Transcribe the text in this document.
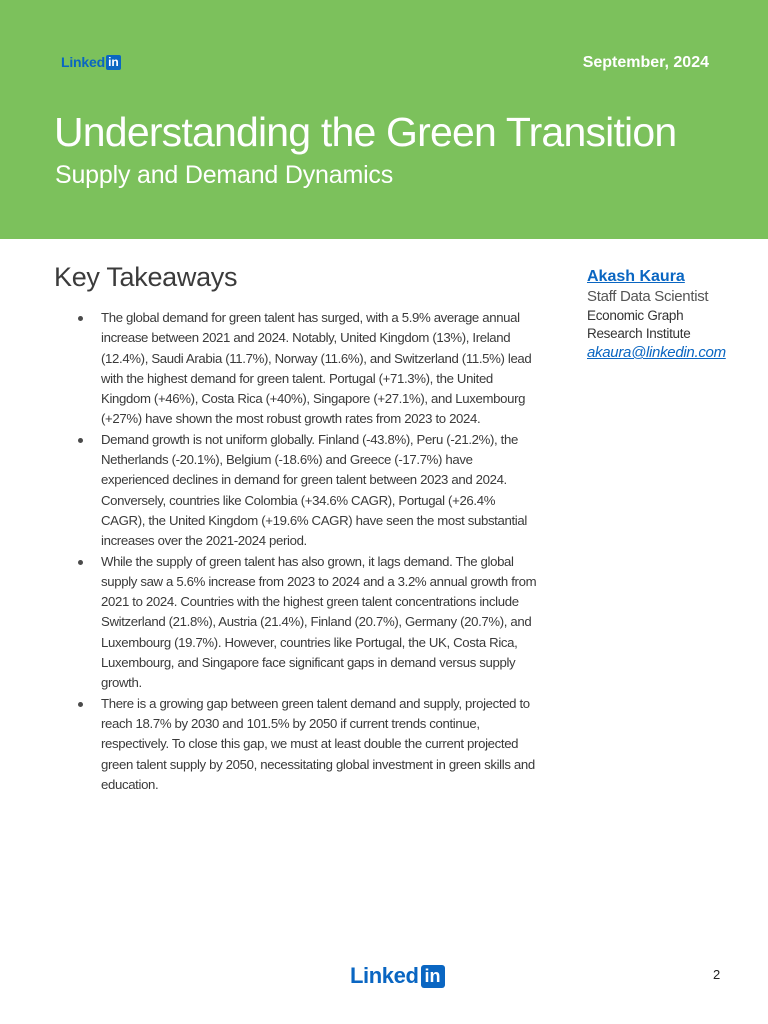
Linked in	September, 2024
Understanding the Green Transition
Supply and Demand Dynamics
Key Takeaways
The global demand for green talent has surged, with a 5.9% average annual increase between 2021 and 2024. Notably, United Kingdom (13%), Ireland (12.4%), Saudi Arabia (11.7%), Norway (11.6%), and Switzerland (11.5%) lead with the highest demand for green talent. Portugal (+71.3%), the United Kingdom (+46%), Costa Rica (+40%), Singapore (+27.1%), and Luxembourg (+27%) have shown the most robust growth rates from 2023 to 2024.
Demand growth is not uniform globally. Finland (-43.8%), Peru (-21.2%), the Netherlands (-20.1%), Belgium (-18.6%) and Greece (-17.7%) have experienced declines in demand for green talent between 2023 and 2024. Conversely, countries like Colombia (+34.6% CAGR), Portugal (+26.4% CAGR), the United Kingdom (+19.6% CAGR) have seen the most substantial increases over the 2021-2024 period.
While the supply of green talent has also grown, it lags demand. The global supply saw a 5.6% increase from 2023 to 2024 and a 3.2% annual growth from 2021 to 2024. Countries with the highest green talent concentrations include Switzerland (21.8%), Austria (21.4%), Finland (20.7%), Germany (20.7%), and Luxembourg (19.7%). However, countries like Portugal, the UK, Costa Rica, Luxembourg, and Singapore face significant gaps in demand versus supply growth.
There is a growing gap between green talent demand and supply, projected to reach 18.7% by 2030 and 101.5% by 2050 if current trends continue, respectively. To close this gap, we must at least double the current projected green talent supply by 2050, necessitating global investment in green skills and education.
Akash Kaura
Staff Data Scientist
Economic Graph
Research Institute
akaura@linkedin.com
Linked in	2
